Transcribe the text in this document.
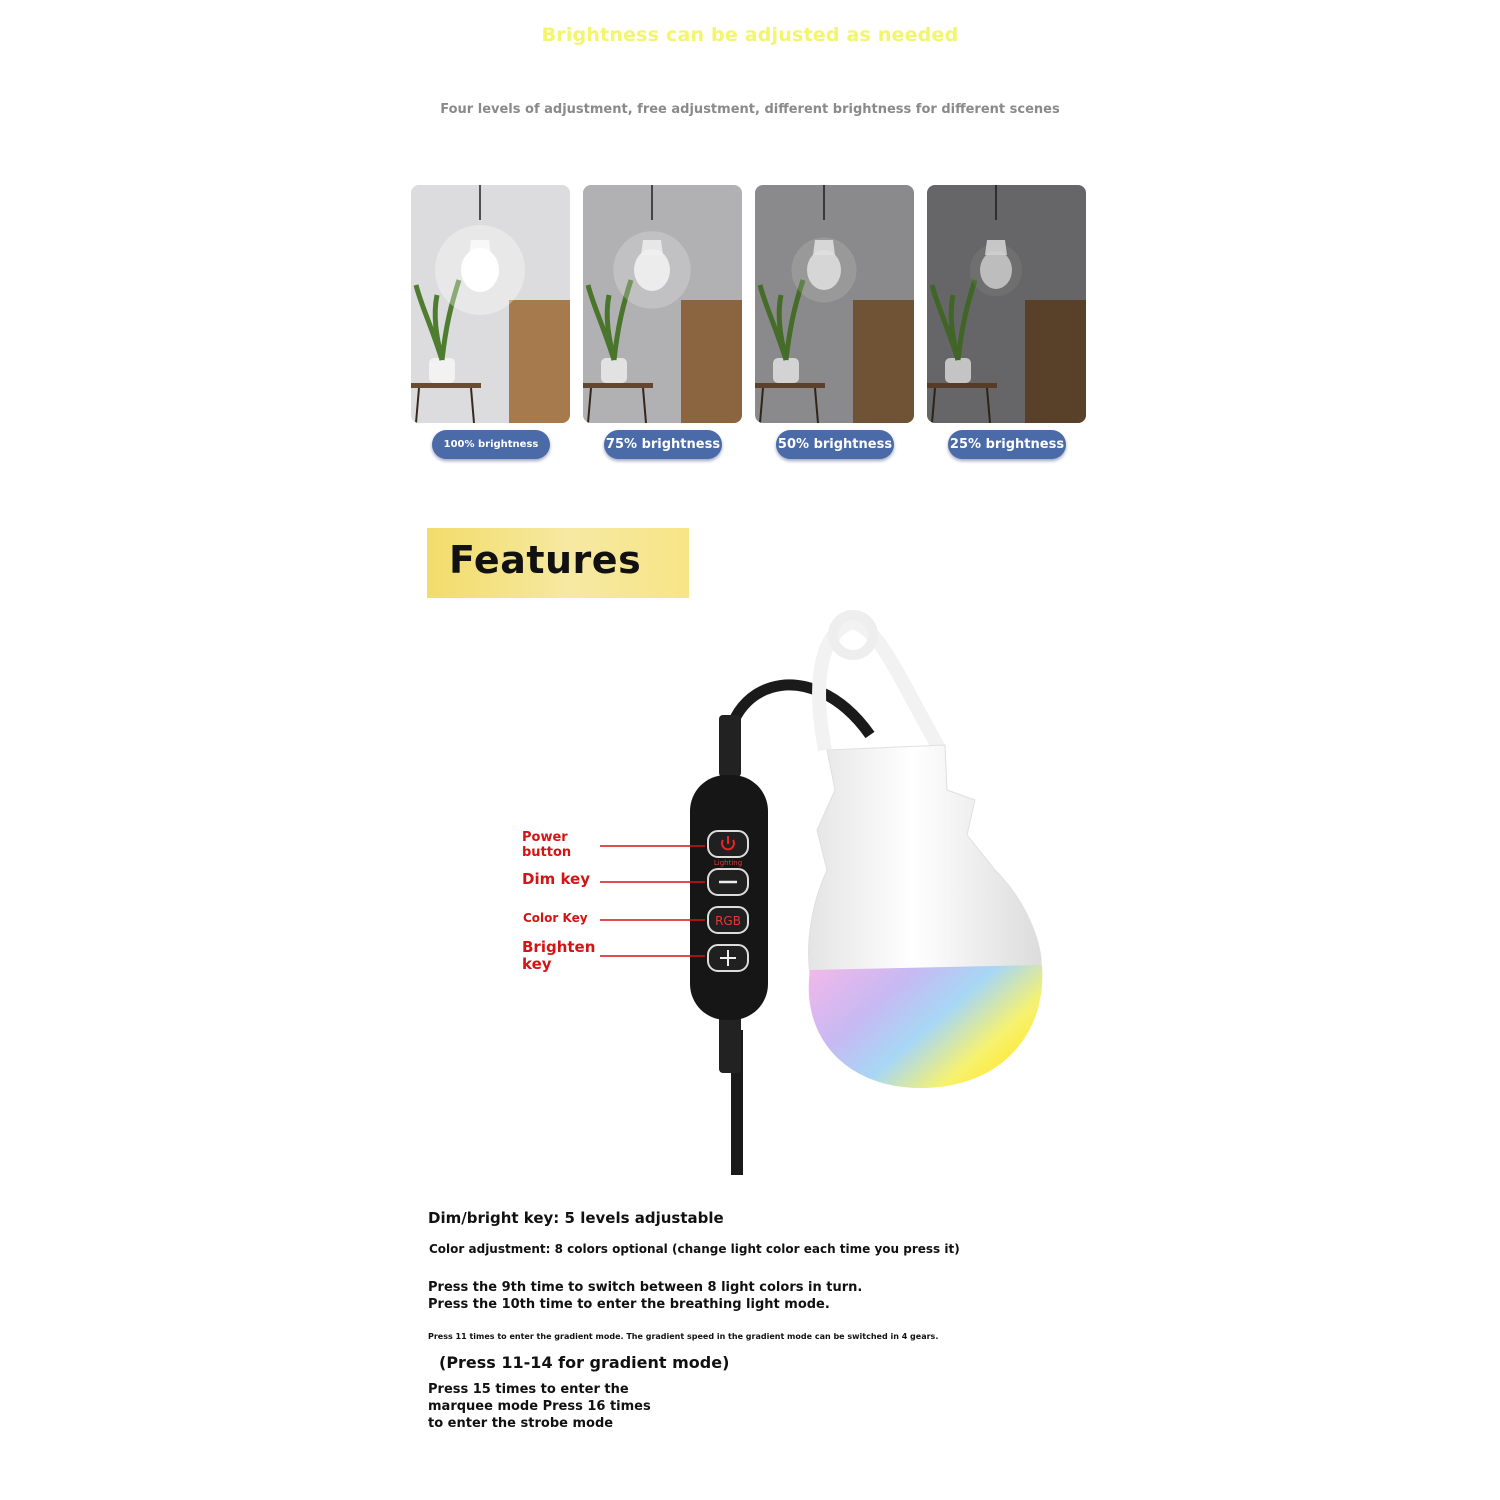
Brightness can be adjusted as needed
Four levels of adjustment, free adjustment, different brightness for different scenes
100% brightness	75% brightness	50% brightness	25% brightness
Features
Lighting
RGB
Power button
Dim key
Color Key
Brighten key
Dim/bright key: 5 levels adjustable
Color adjustment: 8 colors optional (change light color each time you press it)
Press the 9th time to switch between 8 light colors in turn.
Press the 10th time to enter the breathing light mode.
Press 11 times to enter the gradient mode. The gradient speed in the gradient mode can be switched in 4 gears.
(Press 11-14 for gradient mode)
Press 15 times to enter the marquee mode Press 16 times to enter the strobe mode
